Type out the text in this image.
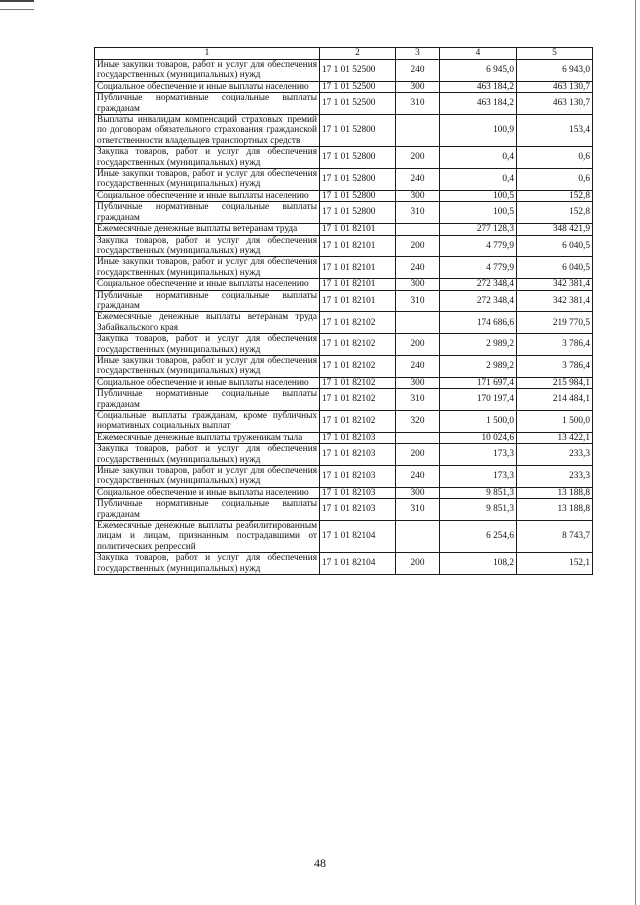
1	2	3	4	5
Иные закупки товаров, работ и услуг для обеспечения государственных (муниципальных) нужд	17 1 01 52500	240	6 945,0	6 943,0
Социальное обеспечение и иные выплаты населению	17 1 01 52500	300	463 184,2	463 130,7
Публичные нормативные социальные выплаты гражданам	17 1 01 52500	310	463 184,2	463 130,7
Выплаты инвалидам компенсаций страховых премий по договорам обязательного страхования гражданской ответственности владельцев транспортных средств	17 1 01 52800		100,9	153,4
Закупка товаров, работ и услуг для обеспечения государственных (муниципальных) нужд	17 1 01 52800	200	0,4	0,6
Иные закупки товаров, работ и услуг для обеспечения государственных (муниципальных) нужд	17 1 01 52800	240	0,4	0,6
Социальное обеспечение и иные выплаты населению	17 1 01 52800	300	100,5	152,8
Публичные нормативные социальные выплаты гражданам	17 1 01 52800	310	100,5	152,8
Ежемесячные денежные выплаты ветеранам труда	17 1 01 82101		277 128,3	348 421,9
Закупка товаров, работ и услуг для обеспечения государственных (муниципальных) нужд	17 1 01 82101	200	4 779,9	6 040,5
Иные закупки товаров, работ и услуг для обеспечения государственных (муниципальных) нужд	17 1 01 82101	240	4 779,9	6 040,5
Социальное обеспечение и иные выплаты населению	17 1 01 82101	300	272 348,4	342 381,4
Публичные нормативные социальные выплаты гражданам	17 1 01 82101	310	272 348,4	342 381,4
Ежемесячные денежные выплаты ветеранам труда Забайкальского края	17 1 01 82102		174 686,6	219 770,5
Закупка товаров, работ и услуг для обеспечения государственных (муниципальных) нужд	17 1 01 82102	200	2 989,2	3 786,4
Иные закупки товаров, работ и услуг для обеспечения государственных (муниципальных) нужд	17 1 01 82102	240	2 989,2	3 786,4
Социальное обеспечение и иные выплаты населению	17 1 01 82102	300	171 697,4	215 984,1
Публичные нормативные социальные выплаты гражданам	17 1 01 82102	310	170 197,4	214 484,1
Социальные выплаты гражданам, кроме публичных нормативных социальных выплат	17 1 01 82102	320	1 500,0	1 500,0
Ежемесячные денежные выплаты труженикам тыла	17 1 01 82103		10 024,6	13 422,1
Закупка товаров, работ и услуг для обеспечения государственных (муниципальных) нужд	17 1 01 82103	200	173,3	233,3
Иные закупки товаров, работ и услуг для обеспечения государственных (муниципальных) нужд	17 1 01 82103	240	173,3	233,3
Социальное обеспечение и иные выплаты населению	17 1 01 82103	300	9 851,3	13 188,8
Публичные нормативные социальные выплаты гражданам	17 1 01 82103	310	9 851,3	13 188,8
Ежемесячные денежные выплаты реабилитированным лицам и лицам, признанным пострадавшими от политических репрессий	17 1 01 82104		6 254,6	8 743,7
Закупка товаров, работ и услуг для обеспечения государственных (муниципальных) нужд	17 1 01 82104	200	108,2	152,1
48
